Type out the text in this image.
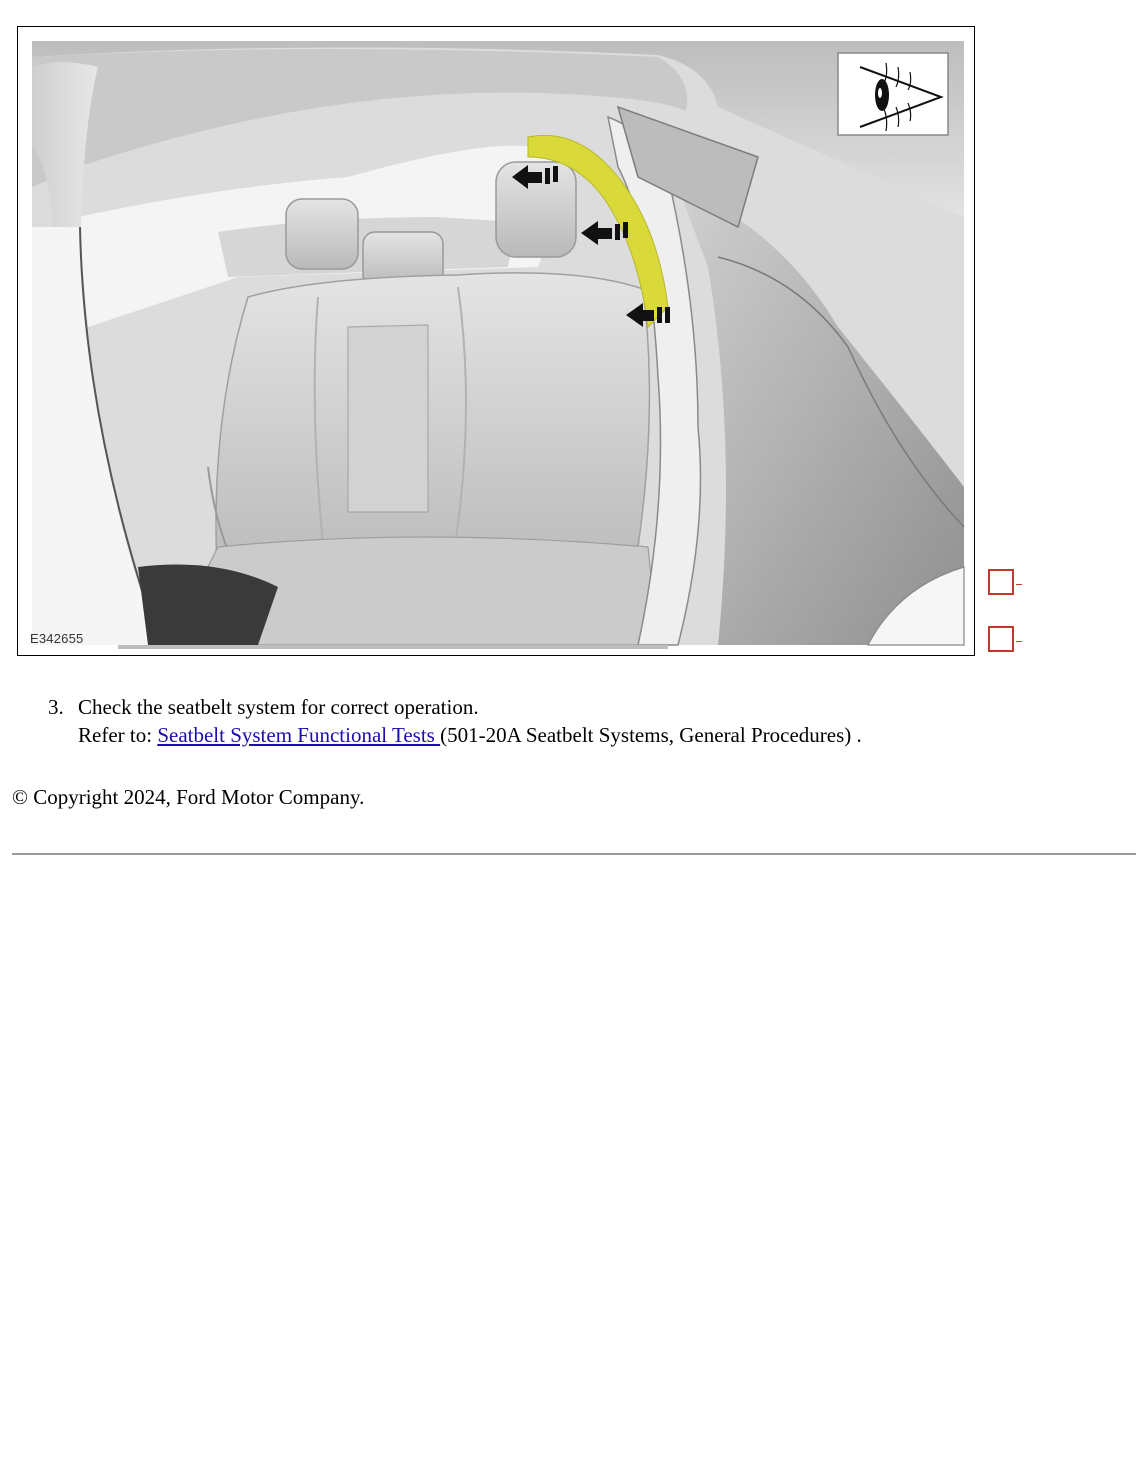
E342655
3. Check the seatbelt system for correct operation.
Refer to: Seatbelt System Functional Tests (501-20A Seatbelt Systems, General Procedures) .
© Copyright 2024, Ford Motor Company.
